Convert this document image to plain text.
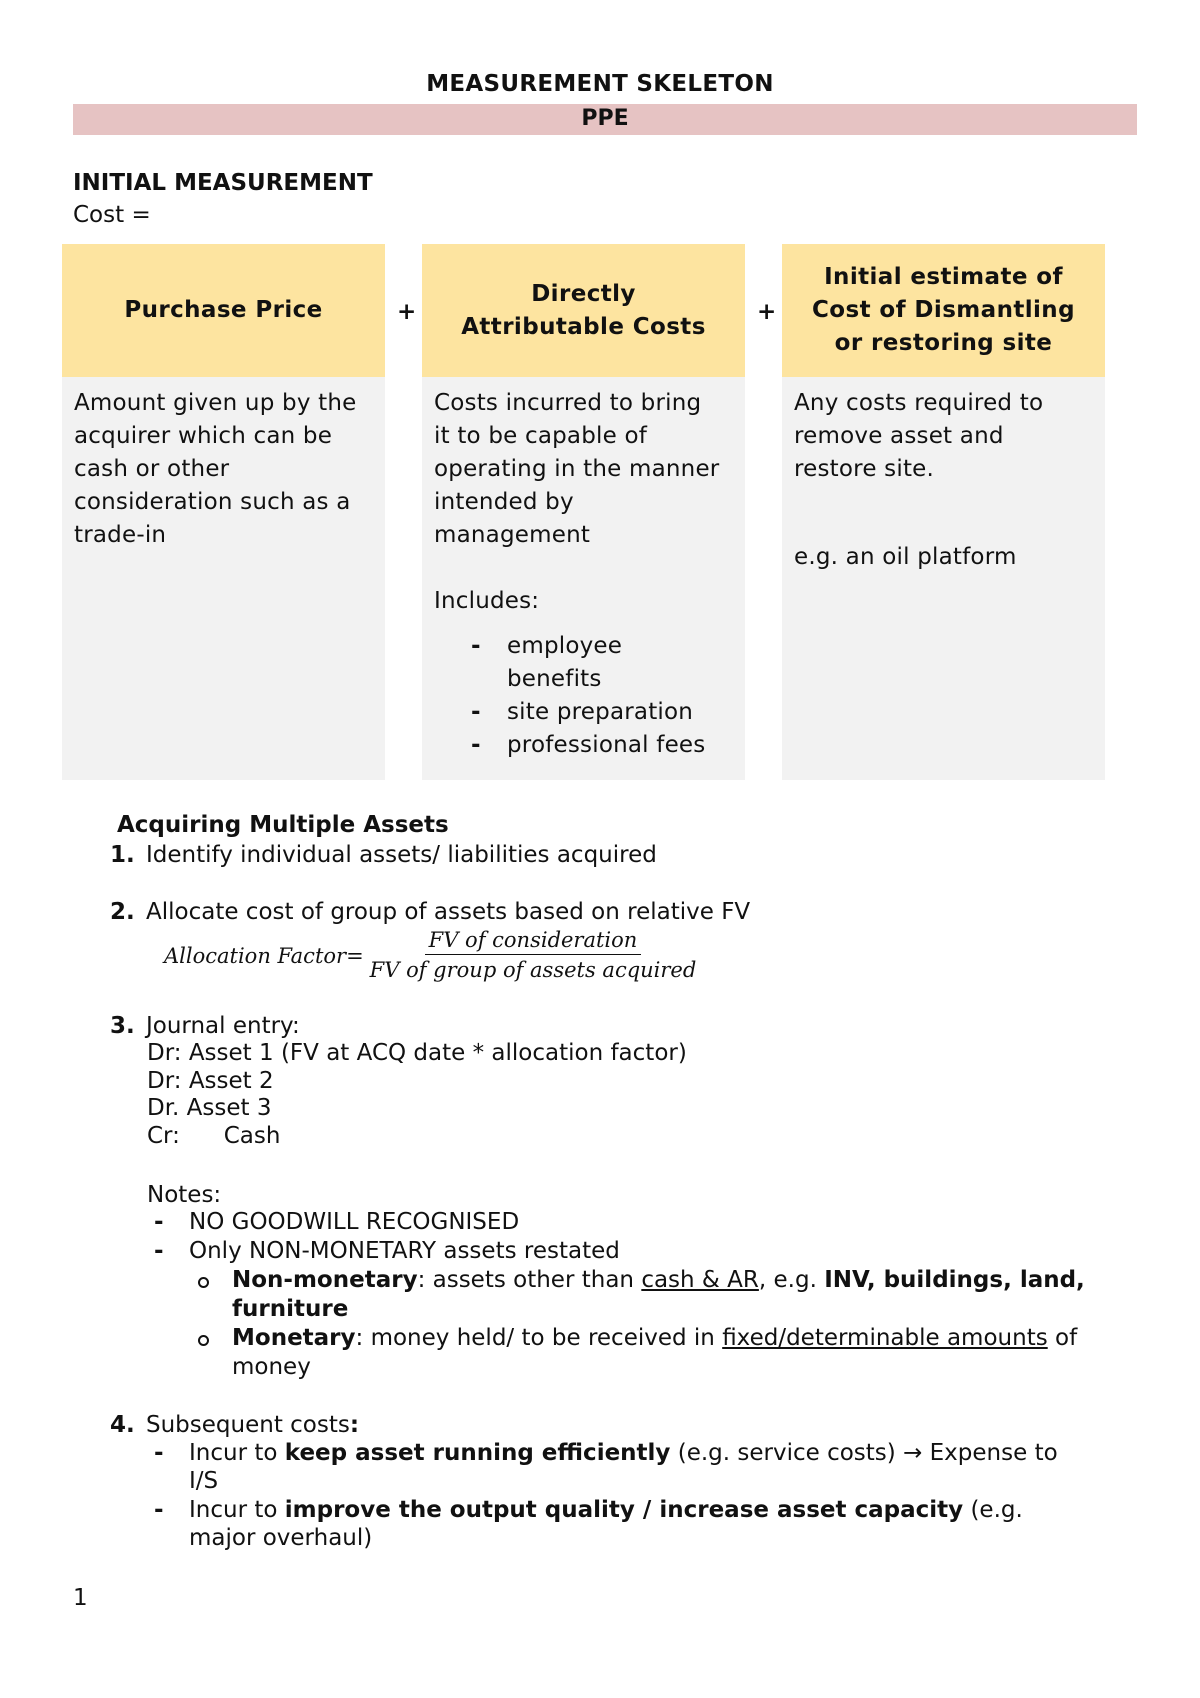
MEASUREMENT SKELETON
PPE
INITIAL MEASUREMENT
Cost =
Purchase Price
Amount given up by the
acquirer which can be
cash or other
consideration such as a
trade-in
+
Directly
Attributable Costs
Costs incurred to bring
it to be capable of
operating in the manner
intended by
management
Includes:
- employee
benefits
- site preparation
- professional fees
+
Initial estimate of
Cost of Dismantling
or restoring site
Any costs required to
remove asset and
restore site.
e.g. an oil platform
Acquiring Multiple Assets
1. Identify individual assets/ liabilities acquired
2. Allocate cost of group of assets based on relative FV
Allocation Factor= $\frac{\text{FV of consideration}}{\text{FV of group of assets acquired}}$
3. Journal entry:
Dr: Asset 1 (FV at ACQ date * allocation factor)
Dr: Asset 2
Dr. Asset 3
Cr:      Cash
Notes:
- NO GOODWILL RECOGNISED
- Only NON-MONETARY assets restated
Non-monetary: assets other than cash & AR, e.g. INV, buildings, land,
furniture
Monetary: money held/ to be received in fixed/determinable amounts of
money
4. Subsequent costs:
- Incur to keep asset running efficiently (e.g. service costs) → Expense to
I/S
- Incur to improve the output quality / increase asset capacity (e.g.
major overhaul)
1
